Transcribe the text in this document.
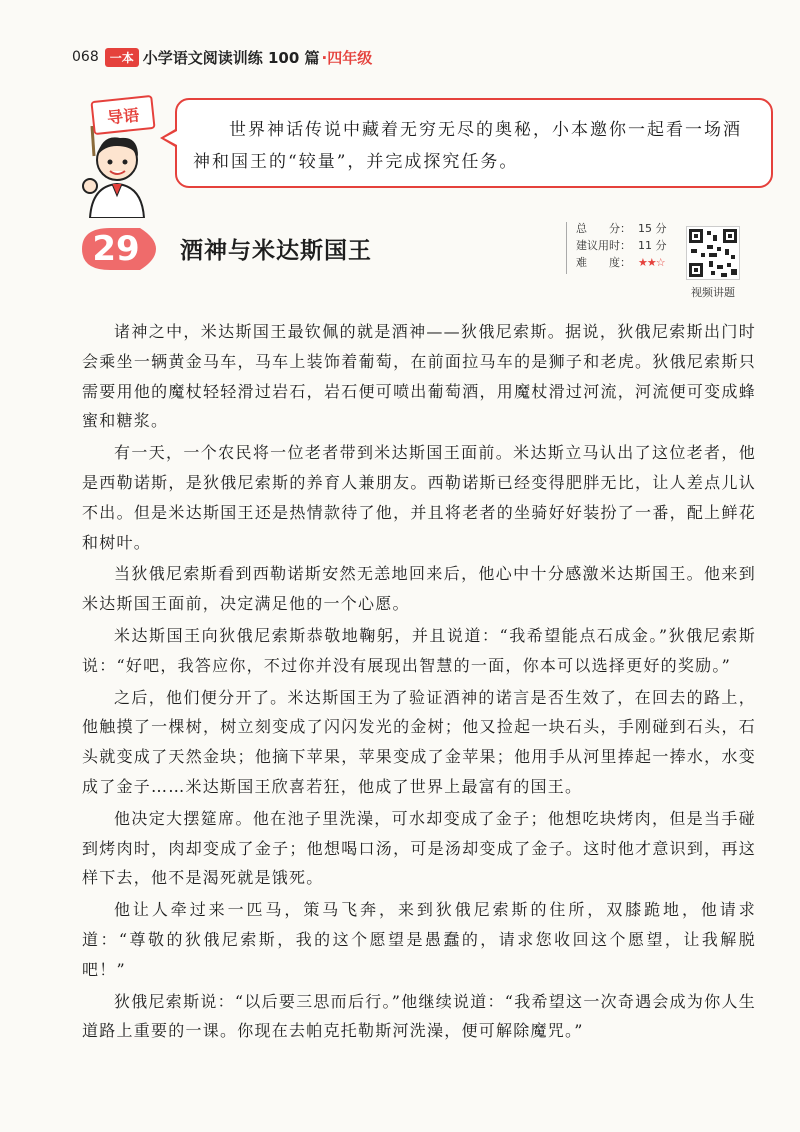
068 一本 小学语文阅读训练 100 篇 ·四年级
导语

世界神话传说中藏着无穷无尽的奥秘，小本邀你一起看一场酒神和国王的“较量”，并完成探究任务。

29 酒神与米达斯国王
总　　分： 15 分
建议用时： 11 分
难　　度： ★★☆
视频讲题

诸神之中，米达斯国王最钦佩的就是酒神——狄俄尼索斯。据说，狄俄尼索斯出门时会乘坐一辆黄金马车，马车上装饰着葡萄，在前面拉马车的是狮子和老虎。狄俄尼索斯只需要用他的魔杖轻轻滑过岩石，岩石便可喷出葡萄酒，用魔杖滑过河流，河流便可变成蜂蜜和糖浆。

有一天，一个农民将一位老者带到米达斯国王面前。米达斯立马认出了这位老者，他是西勒诺斯，是狄俄尼索斯的养育人兼朋友。西勒诺斯已经变得肥胖无比，让人差点儿认不出。但是米达斯国王还是热情款待了他，并且将老者的坐骑好好装扮了一番，配上鲜花和树叶。

当狄俄尼索斯看到西勒诺斯安然无恙地回来后，他心中十分感激米达斯国王。他来到米达斯国王面前，决定满足他的一个心愿。

米达斯国王向狄俄尼索斯恭敬地鞠躬，并且说道：“我希望能点石成金。”狄俄尼索斯说：“好吧，我答应你，不过你并没有展现出智慧的一面，你本可以选择更好的奖励。”

之后，他们便分开了。米达斯国王为了验证酒神的诺言是否生效了，在回去的路上，他触摸了一棵树，树立刻变成了闪闪发光的金树；他又捡起一块石头，手刚碰到石头，石头就变成了天然金块；他摘下苹果，苹果变成了金苹果；他用手从河里捧起一捧水，水变成了金子……米达斯国王欣喜若狂，他成了世界上最富有的国王。

他决定大摆筵席。他在池子里洗澡，可水却变成了金子；他想吃块烤肉，但是当手碰到烤肉时，肉却变成了金子；他想喝口汤，可是汤却变成了金子。这时他才意识到，再这样下去，他不是渴死就是饿死。

他让人牵过来一匹马，策马飞奔，来到狄俄尼索斯的住所，双膝跪地，他请求道：“尊敬的狄俄尼索斯，我的这个愿望是愚蠢的，请求您收回这个愿望，让我解脱吧！”

狄俄尼索斯说：“以后要三思而后行。”他继续说道：“我希望这一次奇遇会成为你人生道路上重要的一课。你现在去帕克托勒斯河洗澡，便可解除魔咒。”
